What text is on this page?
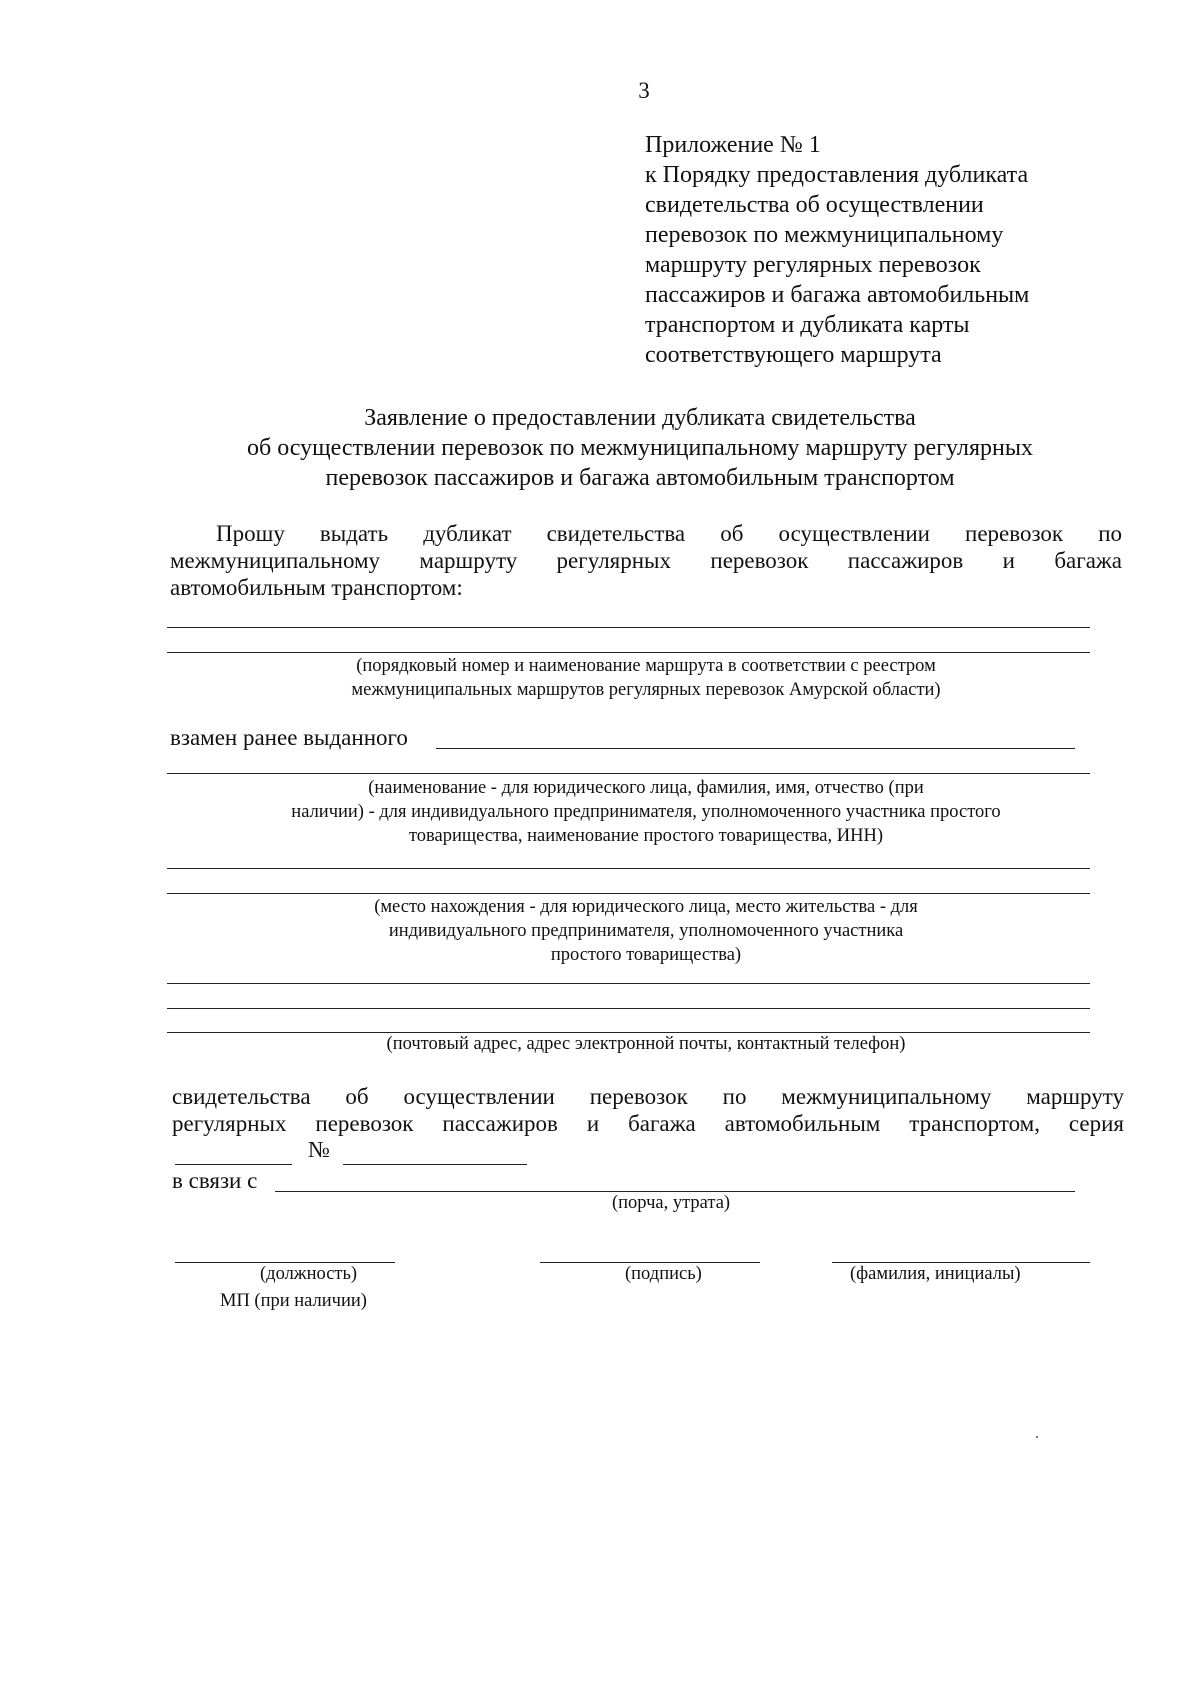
3
Приложение № 1
к Порядку предоставления дубликата
свидетельства об осуществлении
перевозок по межмуниципальному
маршруту регулярных перевозок
пассажиров и багажа автомобильным
транспортом и дубликата карты
соответствующего маршрута
Заявление о предоставлении дубликата свидетельства
об осуществлении перевозок по межмуниципальному маршруту регулярных
перевозок пассажиров и багажа автомобильным транспортом
Прошу выдать дубликат свидетельства об осуществлении перевозок по
межмуниципальному маршруту регулярных перевозок пассажиров и багажа
автомобильным транспортом:
(порядковый номер и наименование маршрута в соответствии с реестром
межмуниципальных маршрутов регулярных перевозок Амурской области)
взамен ранее выданного
(наименование - для юридического лица, фамилия, имя, отчество (при
наличии) - для индивидуального предпринимателя, уполномоченного участника простого
товарищества, наименование простого товарищества, ИНН)
(место нахождения - для юридического лица, место жительства - для
индивидуального предпринимателя, уполномоченного участника
простого товарищества)
(почтовый адрес, адрес электронной почты, контактный телефон)
свидетельства об осуществлении перевозок по межмуниципальному маршруту
регулярных перевозок пассажиров и багажа автомобильным транспортом, серия
№
в связи с
(порча, утрата)
(должность)	(подпись)	(фамилия, инициалы)
МП (при наличии)
